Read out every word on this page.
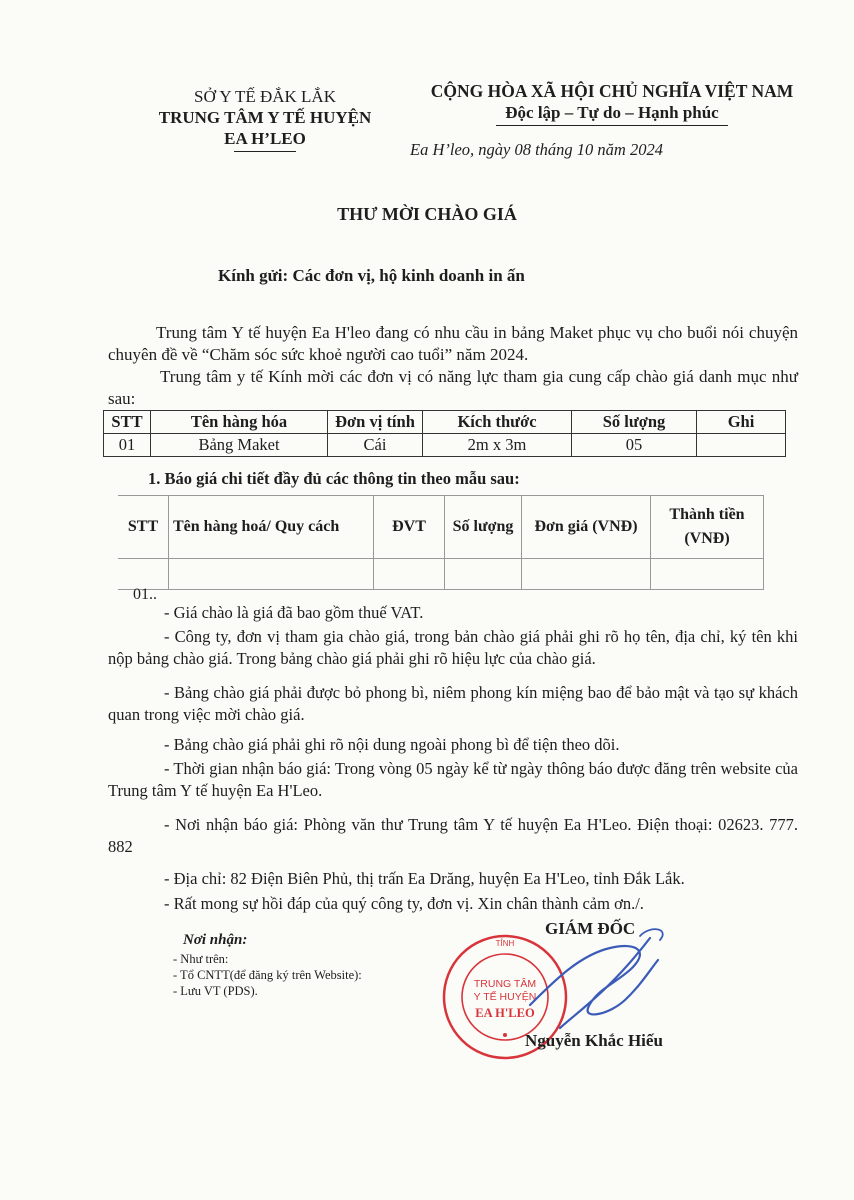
SỞ Y TẾ ĐẮK LẮK
TRUNG TÂM Y TẾ HUYỆN
EA H’LEO
CỘNG HÒA XÃ HỘI CHỦ NGHĨA VIỆT NAM
Độc lập – Tự do – Hạnh phúc
Ea H’leo, ngày 08 tháng 10 năm 2024
THƯ MỜI CHÀO GIÁ
Kính gửi: Các đơn vị, hộ kinh doanh in ấn
Trung tâm Y tế huyện Ea H'leo đang có nhu cầu in bảng Maket phục vụ cho buổi nói chuyện chuyên đề về “Chăm sóc sức khoẻ người cao tuổi” năm 2024.
Trung tâm y tế Kính mời các đơn vị có năng lực tham gia cung cấp chào giá danh mục như sau:
STT	Tên hàng hóa	Đơn vị tính	Kích thước	Số lượng	Ghi
01	Bảng Maket	Cái	2m x 3m	05	
1. Báo giá chi tiết đầy đủ các thông tin theo mẫu sau:
STT	Tên hàng hoá/ Quy cách	ĐVT	Số lượng	Đơn giá (VNĐ)	Thành tiền (VNĐ)

01..
- Giá chào là giá đã bao gồm thuế VAT.
- Công ty, đơn vị tham gia chào giá, trong bản chào giá phải ghi rõ họ tên, địa chỉ, ký tên khi nộp bảng chào giá. Trong bảng chào giá phải ghi rõ hiệu lực của chào giá.
- Bảng chào giá phải được bỏ phong bì, niêm phong kín miệng bao để bảo mật và tạo sự khách quan trong việc mời chào giá.
- Bảng chào giá phải ghi rõ nội dung ngoài phong bì để tiện theo dõi.
- Thời gian nhận báo giá: Trong vòng 05 ngày kể từ ngày thông báo được đăng trên website của Trung tâm Y tế huyện Ea H'Leo.
- Nơi nhận báo giá: Phòng văn thư Trung tâm Y tế huyện Ea H'Leo. Điện thoại: 02623. 777. 882
- Địa chỉ: 82 Điện Biên Phủ, thị trấn Ea Drăng, huyện Ea H'Leo, tỉnh Đắk Lắk.
- Rất mong sự hồi đáp của quý công ty, đơn vị. Xin chân thành cảm ơn./.
Nơi nhận:
- Như trên:
- Tổ CNTT(để đăng ký trên Website):
- Lưu VT (PDS).
GIÁM ĐỐC
TỈNH
TRUNG TÂM
Y TẾ HUYỆN
EA H'LEO
Nguyễn Khắc Hiếu
